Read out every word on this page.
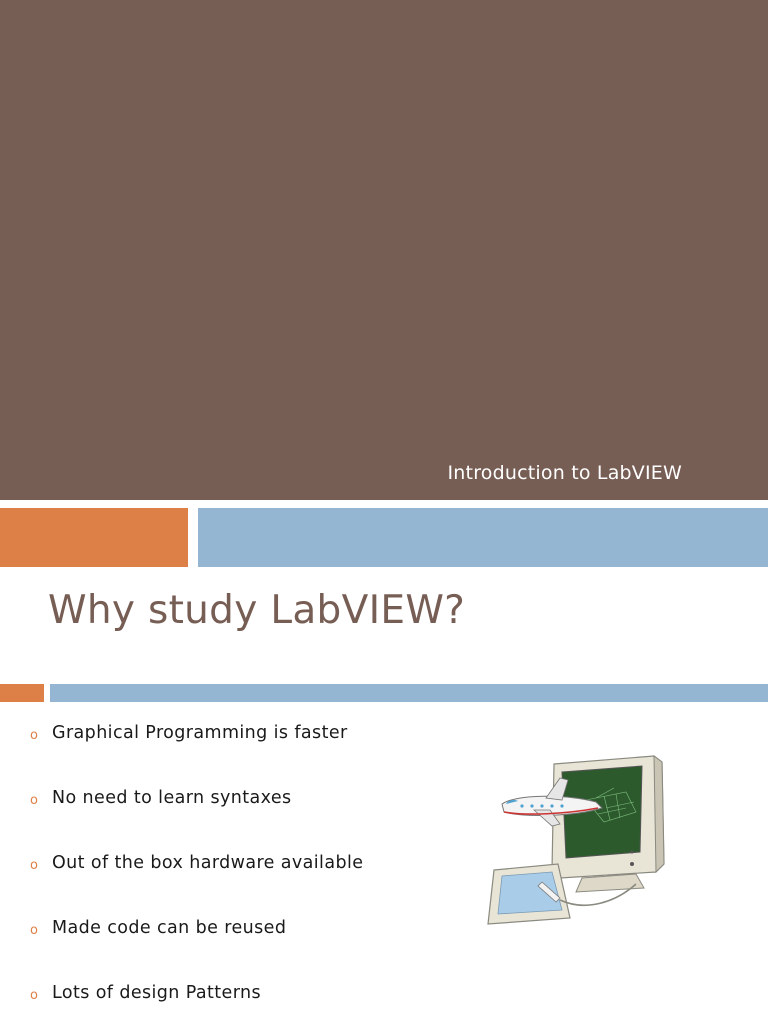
Introduction to LabVIEW
Why study LabVIEW?
o Graphical Programming is faster
o No need to learn syntaxes
o Out of the box hardware available
o Made code can be reused
o Lots of design Patterns
